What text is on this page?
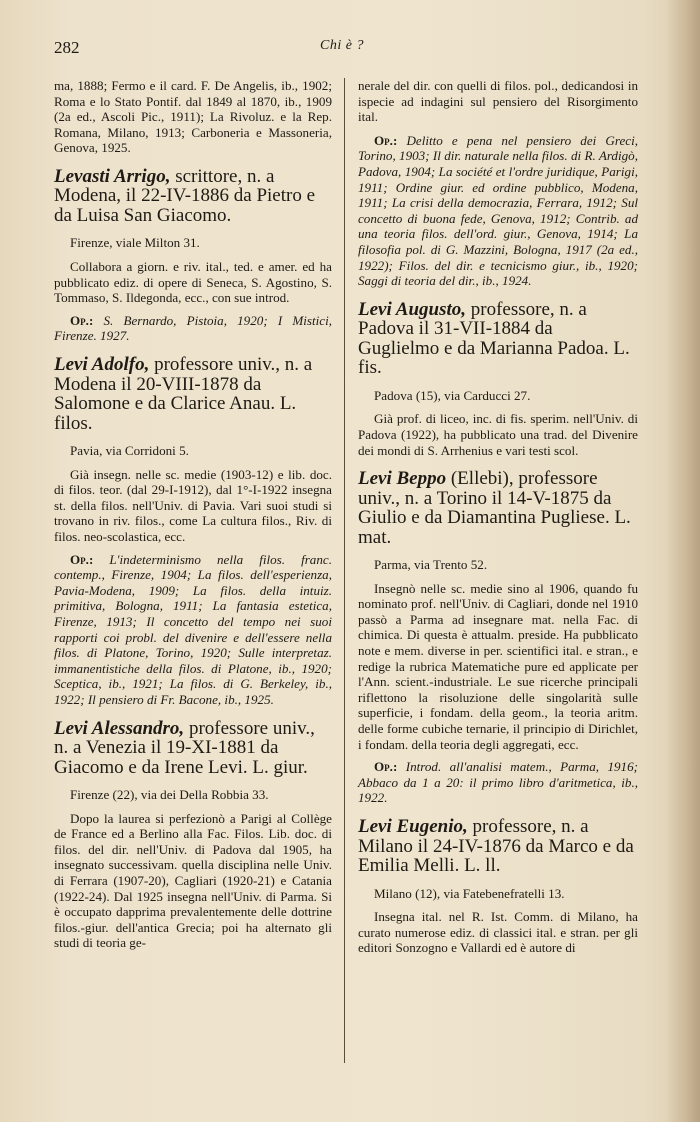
282	Chi è ?

ma, 1888; Fermo e il card. F. De Angelis, ib., 1902; Roma e lo Stato Pontif. dal 1849 al 1870, ib., 1909 (2a ed., Ascoli Pic., 1911); La Rivoluz. e la Rep. Romana, Milano, 1913; Carboneria e Massoneria, Genova, 1925.

Levasti Arrigo, scrittore, n. a Modena, il 22-IV-1886 da Pietro e da Luisa San Giacomo.

Firenze, viale Milton 31.

Collabora a giorn. e riv. ital., ted. e amer. ed ha pubblicato ediz. di opere di Seneca, S. Agostino, S. Tommaso, S. Ildegonda, ecc., con sue introd.

Op.: S. Bernardo, Pistoia, 1920; I Mistici, Firenze. 1927.

Levi Adolfo, professore univ., n. a Modena il 20-VIII-1878 da Salomone e da Clarice Anau. L. filos.

Pavia, via Corridoni 5.

Già insegn. nelle sc. medie (1903-12) e lib. doc. di filos. teor. (dal 29-I-1912), dal 1°-I-1922 insegna st. della filos. nell'Univ. di Pavia. Vari suoi studi si trovano in riv. filos., come La cultura filos., Riv. di filos. neo-scolastica, ecc.

Op.: L'indeterminismo nella filos. franc. contemp., Firenze, 1904; La filos. dell'esperienza, Pavia-Modena, 1909; La filos. della intuiz. primitiva, Bologna, 1911; La fantasia estetica, Firenze, 1913; Il concetto del tempo nei suoi rapporti coi probl. del divenire e dell'essere nella filos. di Platone, Torino, 1920; Sulle interpretaz. immanentistiche della filos. di Platone, ib., 1920; Sceptica, ib., 1921; La filos. di G. Berkeley, ib., 1922; Il pensiero di Fr. Bacone, ib., 1925.

Levi Alessandro, professore univ., n. a Venezia il 19-XI-1881 da Giacomo e da Irene Levi. L. giur.

Firenze (22), via dei Della Robbia 33.

Dopo la laurea si perfezionò a Parigi al Collège de France ed a Berlino alla Fac. Filos. Lib. doc. di filos. del dir. nell'Univ. di Padova dal 1905, ha insegnato successivam. quella disciplina nelle Univ. di Ferrara (1907-20), Cagliari (1920-21) e Catania (1922-24). Dal 1925 insegna nell'Univ. di Parma. Si è occupato dapprima prevalentemente delle dottrine filos.-giur. dell'antica Grecia; poi ha alternato gli studi di teoria ge-

nerale del dir. con quelli di filos. pol., dedicandosi in ispecie ad indagini sul pensiero del Risorgimento ital.

Op.: Delitto e pena nel pensiero dei Greci, Torino, 1903; Il dir. naturale nella filos. di R. Ardigò, Padova, 1904; La société et l'ordre juridique, Parigi, 1911; Ordine giur. ed ordine pubblico, Modena, 1911; La crisi della democrazia, Ferrara, 1912; Sul concetto di buona fede, Genova, 1912; Contrib. ad una teoria filos. dell'ord. giur., Genova, 1914; La filosofia pol. di G. Mazzini, Bologna, 1917 (2a ed., 1922); Filos. del dir. e tecnicismo giur., ib., 1920; Saggi di teoria del dir., ib., 1924.

Levi Augusto, professore, n. a Padova il 31-VII-1884 da Guglielmo e da Marianna Padoa. L. fis.

Padova (15), via Carducci 27.

Già prof. di liceo, inc. di fis. sperim. nell'Univ. di Padova (1922), ha pubblicato una trad. del Divenire dei mondi di S. Arrhenius e vari testi scol.

Levi Beppo (Ellebi), professore univ., n. a Torino il 14-V-1875 da Giulio e da Diamantina Pugliese. L. mat.

Parma, via Trento 52.

Insegnò nelle sc. medie sino al 1906, quando fu nominato prof. nell'Univ. di Cagliari, donde nel 1910 passò a Parma ad insegnare mat. nella Fac. di chimica. Di questa è attualm. preside. Ha pubblicato note e mem. diverse in per. scientifici ital. e stran., e redige la rubrica Matematiche pure ed applicate per l'Ann. scient.-industriale. Le sue ricerche principali riflettono la risoluzione delle singolarità sulle superficie, i fondam. della geom., la teoria aritm. delle forme cubiche ternarie, il principio di Dirichlet, i fondam. della teoria degli aggregati, ecc.

Op.: Introd. all'analisi matem., Parma, 1916; Abbaco da 1 a 20: il primo libro d'aritmetica, ib., 1922.

Levi Eugenio, professore, n. a Milano il 24-IV-1876 da Marco e da Emilia Melli. L. ll.

Milano (12), via Fatebenefratelli 13.

Insegna ital. nel R. Ist. Comm. di Milano, ha curato numerose ediz. di classici ital. e stran. per gli editori Sonzogno e Vallardi ed è autore di
